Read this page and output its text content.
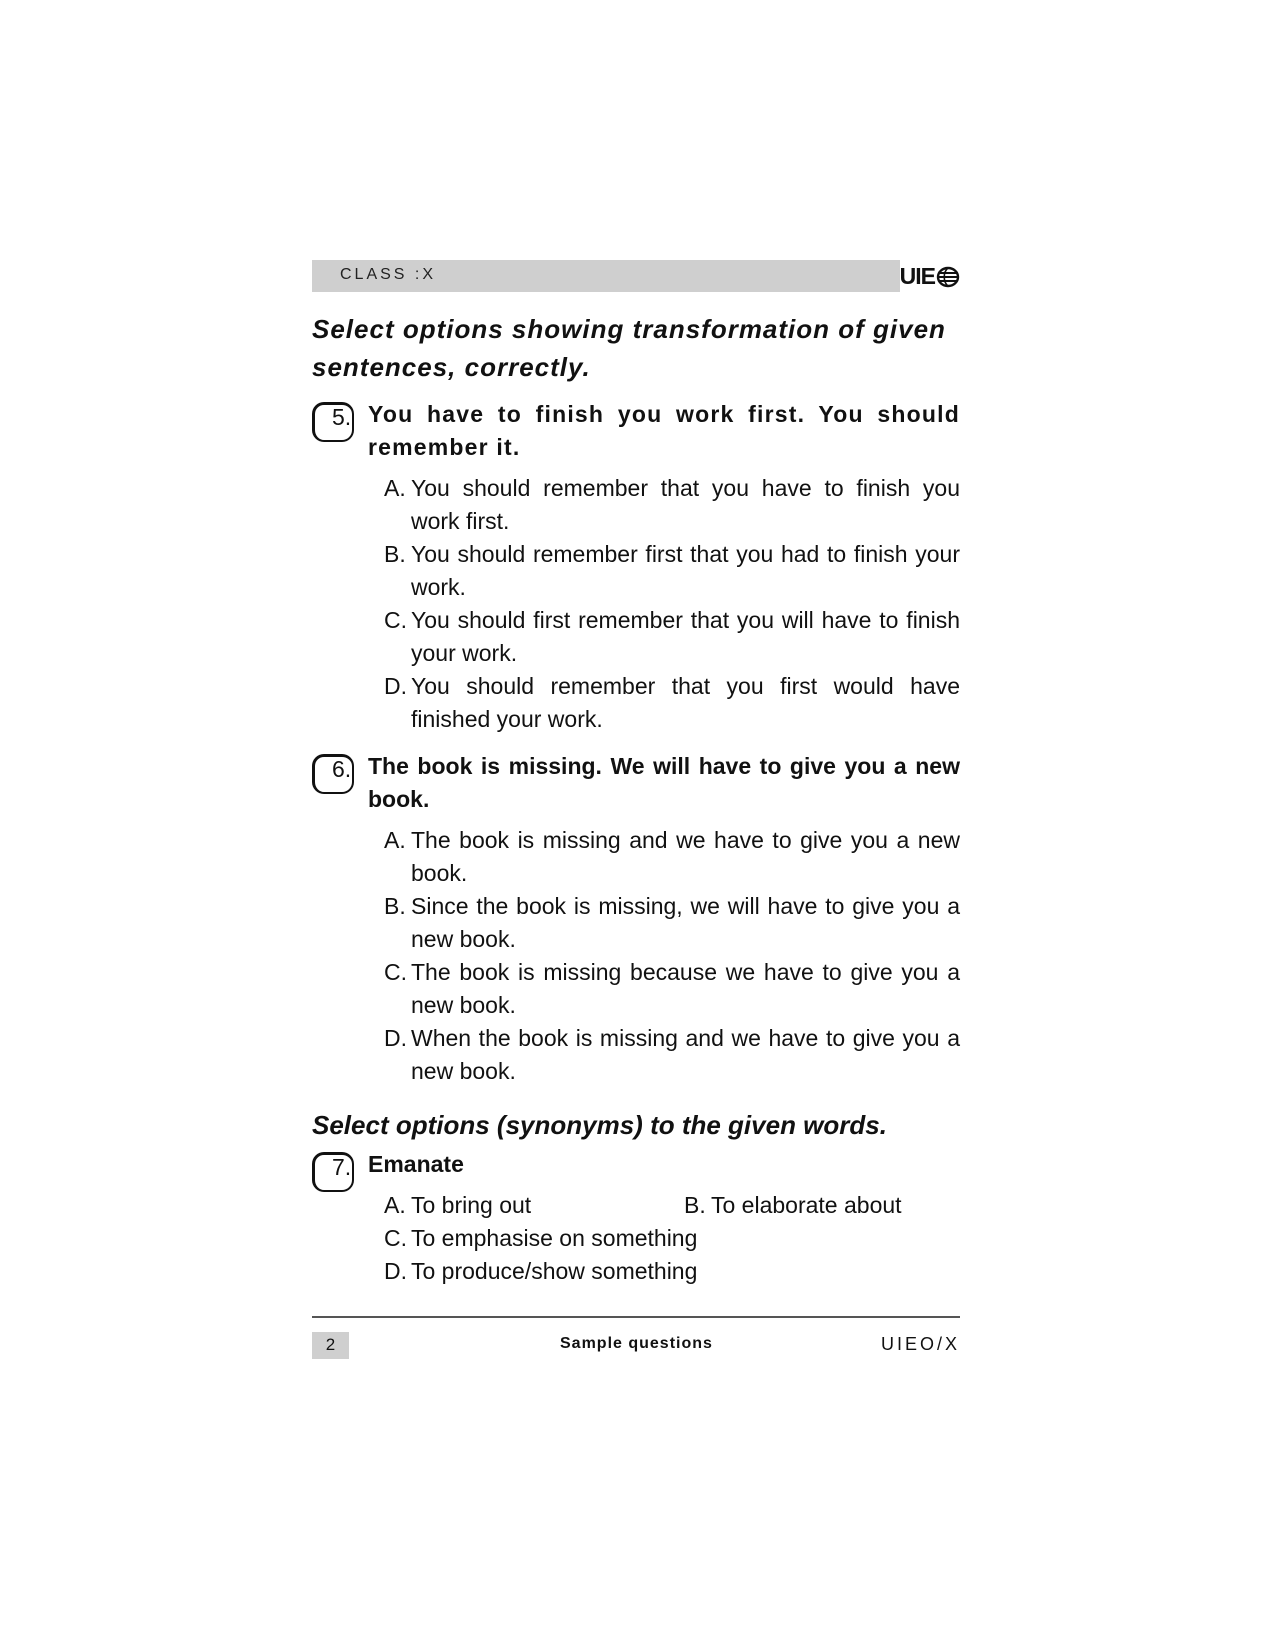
CLASS :X	UIE
Select options showing transformation of given
sentences, correctly.
5. You have to finish you work first. You should remember it.
A. You should remember that you have to finish you work first.
B. You should remember first that you had to finish your work.
C. You should first remember that you will have to finish your work.
D. You should remember that you first would have finished your work.
6. The book is missing. We will have to give you a new book.
A. The book is missing and we have to give you a new book.
B. Since the book is missing, we will have to give you a new book.
C. The book is missing because we have to give you a new book.
D. When the book is missing and we have to give you a new book.
Select options (synonyms) to the given words.
7. Emanate
A. To bring out	B. To elaborate about
C. To emphasise on something
D. To produce/show something
2	Sample questions	UIEO/X
